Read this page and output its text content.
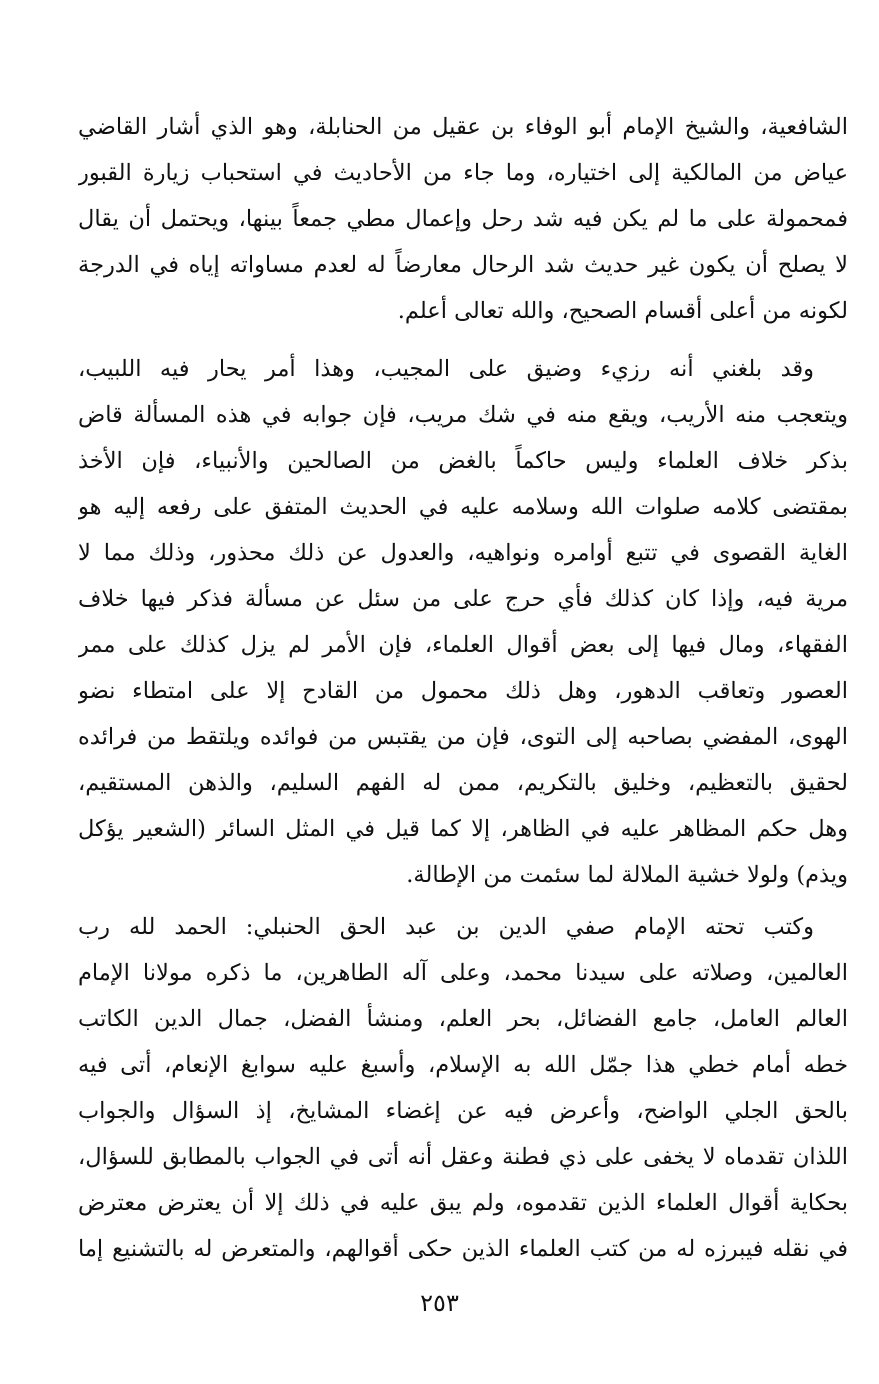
الشافعية، والشيخ الإمام أبو الوفاء بن عقيل من الحنابلة، وهو الذي أشار القاضي
عياض من المالكية إلى اختياره، وما جاء من الأحاديث في استحباب زيارة القبور
فمحمولة على ما لم يكن فيه شد رحل وإعمال مطي جمعاً بينها، ويحتمل أن يقال
لا يصلح أن يكون غير حديث شد الرحال معارضاً له لعدم مساواته إياه في الدرجة
لكونه من أعلى أقسام الصحيح، والله تعالى أعلم.
وقد بلغني أنه رزيء وضيق على المجيب، وهذا أمر يحار فيه اللبيب،
ويتعجب منه الأريب، ويقع منه في شك مريب، فإن جوابه في هذه المسألة قاض
بذكر خلاف العلماء وليس حاكماً بالغض من الصالحين والأنبياء، فإن الأخذ
بمقتضى كلامه صلوات الله وسلامه عليه في الحديث المتفق على رفعه إليه هو
الغاية القصوى في تتبع أوامره ونواهيه، والعدول عن ذلك محذور، وذلك مما لا
مرية فيه، وإذا كان كذلك فأي حرج على من سئل عن مسألة فذكر فيها خلاف
الفقهاء، ومال فيها إلى بعض أقوال العلماء، فإن الأمر لم يزل كذلك على ممر
العصور وتعاقب الدهور، وهل ذلك محمول من القادح إلا على امتطاء نضو
الهوى، المفضي بصاحبه إلى التوى، فإن من يقتبس من فوائده ويلتقط من فرائده
لحقيق بالتعظيم، وخليق بالتكريم، ممن له الفهم السليم، والذهن المستقيم،
وهل حكم المظاهر عليه في الظاهر، إلا كما قيل في المثل السائر (الشعير يؤكل
ويذم) ولولا خشية الملالة لما سئمت من الإطالة.
وكتب تحته الإمام صفي الدين بن عبد الحق الحنبلي: الحمد لله رب
العالمين، وصلاته على سيدنا محمد، وعلى آله الطاهرين، ما ذكره مولانا الإمام
العالم العامل، جامع الفضائل، بحر العلم، ومنشأ الفضل، جمال الدين الكاتب
خطه أمام خطي هذا جمّل الله به الإسلام، وأسبغ عليه سوابغ الإنعام، أتى فيه
بالحق الجلي الواضح، وأعرض فيه عن إغضاء المشايخ، إذ السؤال والجواب
اللذان تقدماه لا يخفى على ذي فطنة وعقل أنه أتى في الجواب بالمطابق للسؤال،
بحكاية أقوال العلماء الذين تقدموه، ولم يبق عليه في ذلك إلا أن يعترض معترض
في نقله فيبرزه له من كتب العلماء الذين حكى أقوالهم، والمتعرض له بالتشنيع إما
٢٥٣
